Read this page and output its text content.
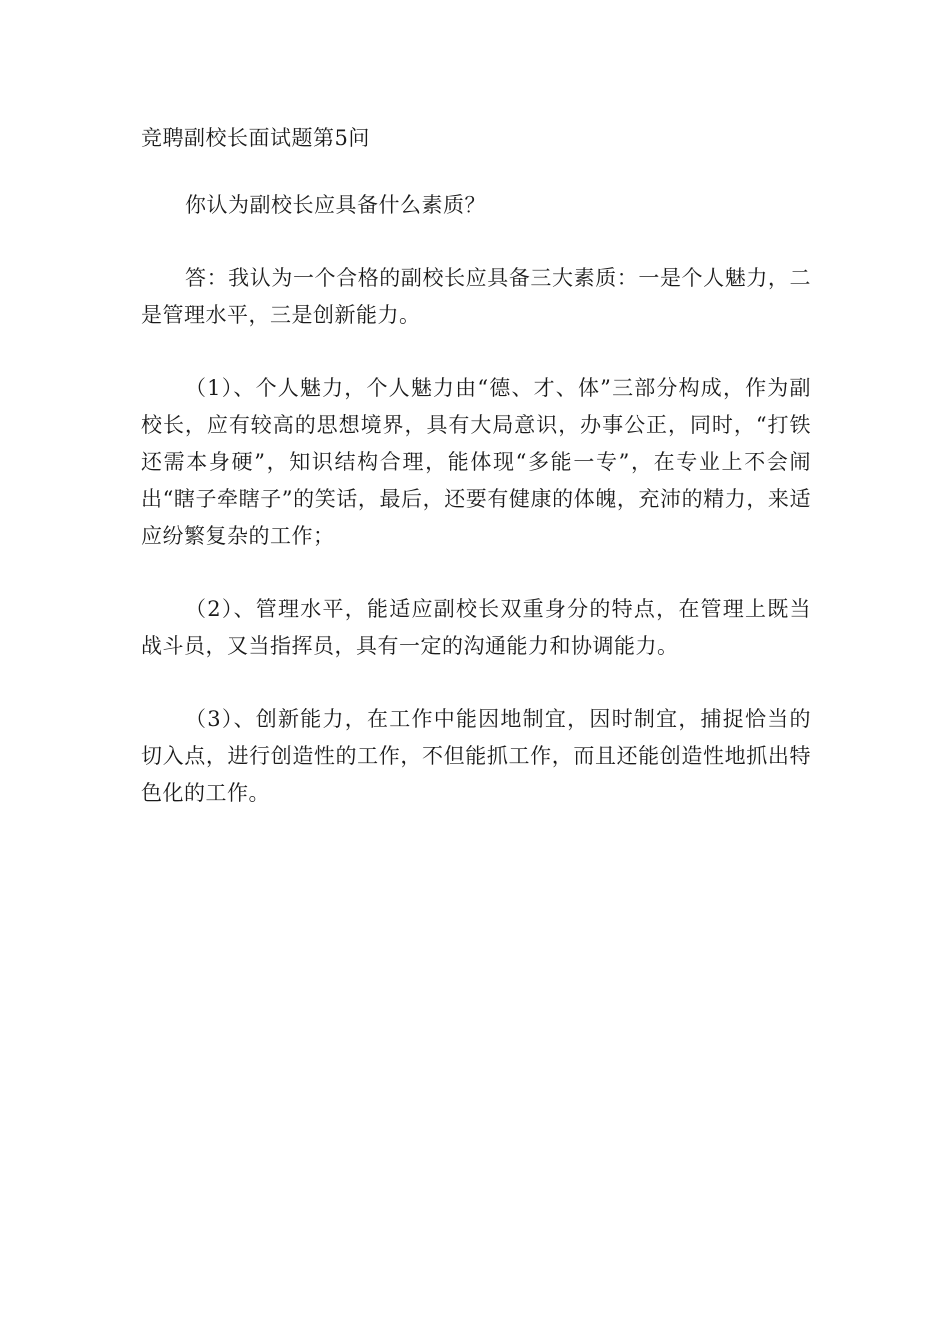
竞聘副校长面试题第5问

你认为副校长应具备什么素质？

答：我认为一个合格的副校长应具备三大素质：一是个人魅力，二是管理水平，三是创新能力。

（1）、个人魅力，个人魅力由“德、才、体”三部分构成，作为副校长，应有较高的思想境界，具有大局意识，办事公正，同时，“打铁还需本身硬”，知识结构合理，能体现“多能一专”，在专业上不会闹出“瞎子牵瞎子”的笑话，最后，还要有健康的体魄，充沛的精力，来适应纷繁复杂的工作；

（2）、管理水平，能适应副校长双重身分的特点，在管理上既当战斗员，又当指挥员，具有一定的沟通能力和协调能力。

（3）、创新能力，在工作中能因地制宜，因时制宜，捕捉恰当的切入点，进行创造性的工作，不但能抓工作，而且还能创造性地抓出特色化的工作。
